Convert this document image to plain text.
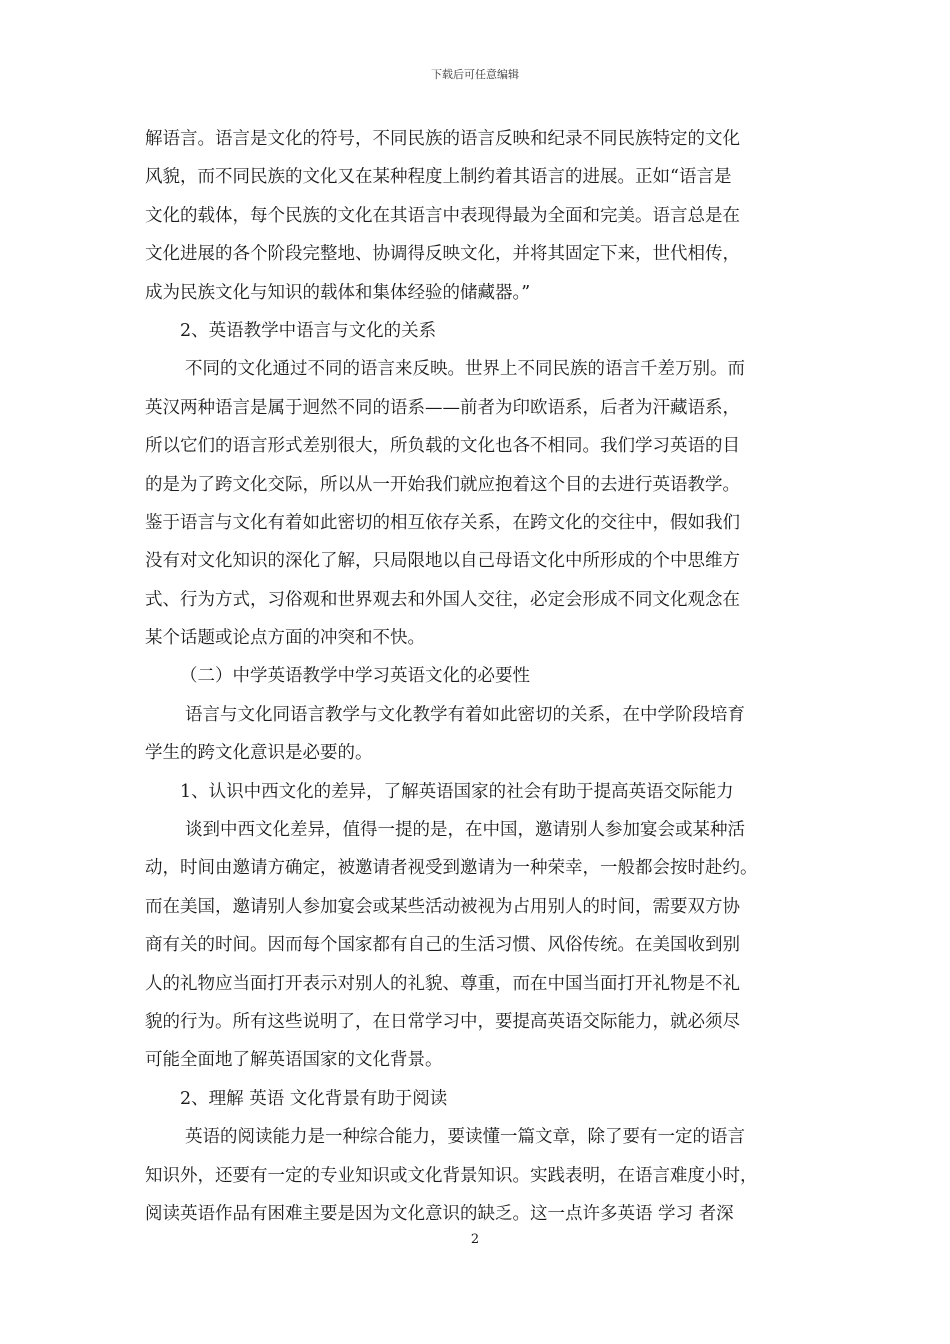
下载后可任意编辑
解语言。语言是文化的符号，不同民族的语言反映和纪录不同民族特定的文化
风貌，而不同民族的文化又在某种程度上制约着其语言的进展。正如“语言是
文化的载体，每个民族的文化在其语言中表现得最为全面和完美。语言总是在
文化进展的各个阶段完整地、协调得反映文化，并将其固定下来，世代相传，
成为民族文化与知识的载体和集体经验的储藏器。”
2、英语教学中语言与文化的关系
不同的文化通过不同的语言来反映。世界上不同民族的语言千差万别。而
英汉两种语言是属于迥然不同的语系——前者为印欧语系，后者为汗藏语系，
所以它们的语言形式差别很大，所负载的文化也各不相同。我们学习英语的目
的是为了跨文化交际，所以从一开始我们就应抱着这个目的去进行英语教学。
鉴于语言与文化有着如此密切的相互依存关系，在跨文化的交往中，假如我们
没有对文化知识的深化了解，只局限地以自己母语文化中所形成的个中思维方
式、行为方式，习俗观和世界观去和外国人交往，必定会形成不同文化观念在
某个话题或论点方面的冲突和不快。
（二）中学英语教学中学习英语文化的必要性
语言与文化同语言教学与文化教学有着如此密切的关系，在中学阶段培育
学生的跨文化意识是必要的。
1、认识中西文化的差异，了解英语国家的社会有助于提高英语交际能力
谈到中西文化差异，值得一提的是，在中国，邀请别人参加宴会或某种活
动，时间由邀请方确定，被邀请者视受到邀请为一种荣幸，一般都会按时赴约。
而在美国，邀请别人参加宴会或某些活动被视为占用别人的时间，需要双方协
商有关的时间。因而每个国家都有自己的生活习惯、风俗传统。在美国收到别
人的礼物应当面打开表示对别人的礼貌、尊重，而在中国当面打开礼物是不礼
貌的行为。所有这些说明了，在日常学习中，要提高英语交际能力，就必须尽
可能全面地了解英语国家的文化背景。
2、理解 英语 文化背景有助于阅读
英语的阅读能力是一种综合能力，要读懂一篇文章，除了要有一定的语言
知识外，还要有一定的专业知识或文化背景知识。实践表明，在语言难度小时，
阅读英语作品有困难主要是因为文化意识的缺乏。这一点许多英语 学习 者深
2
